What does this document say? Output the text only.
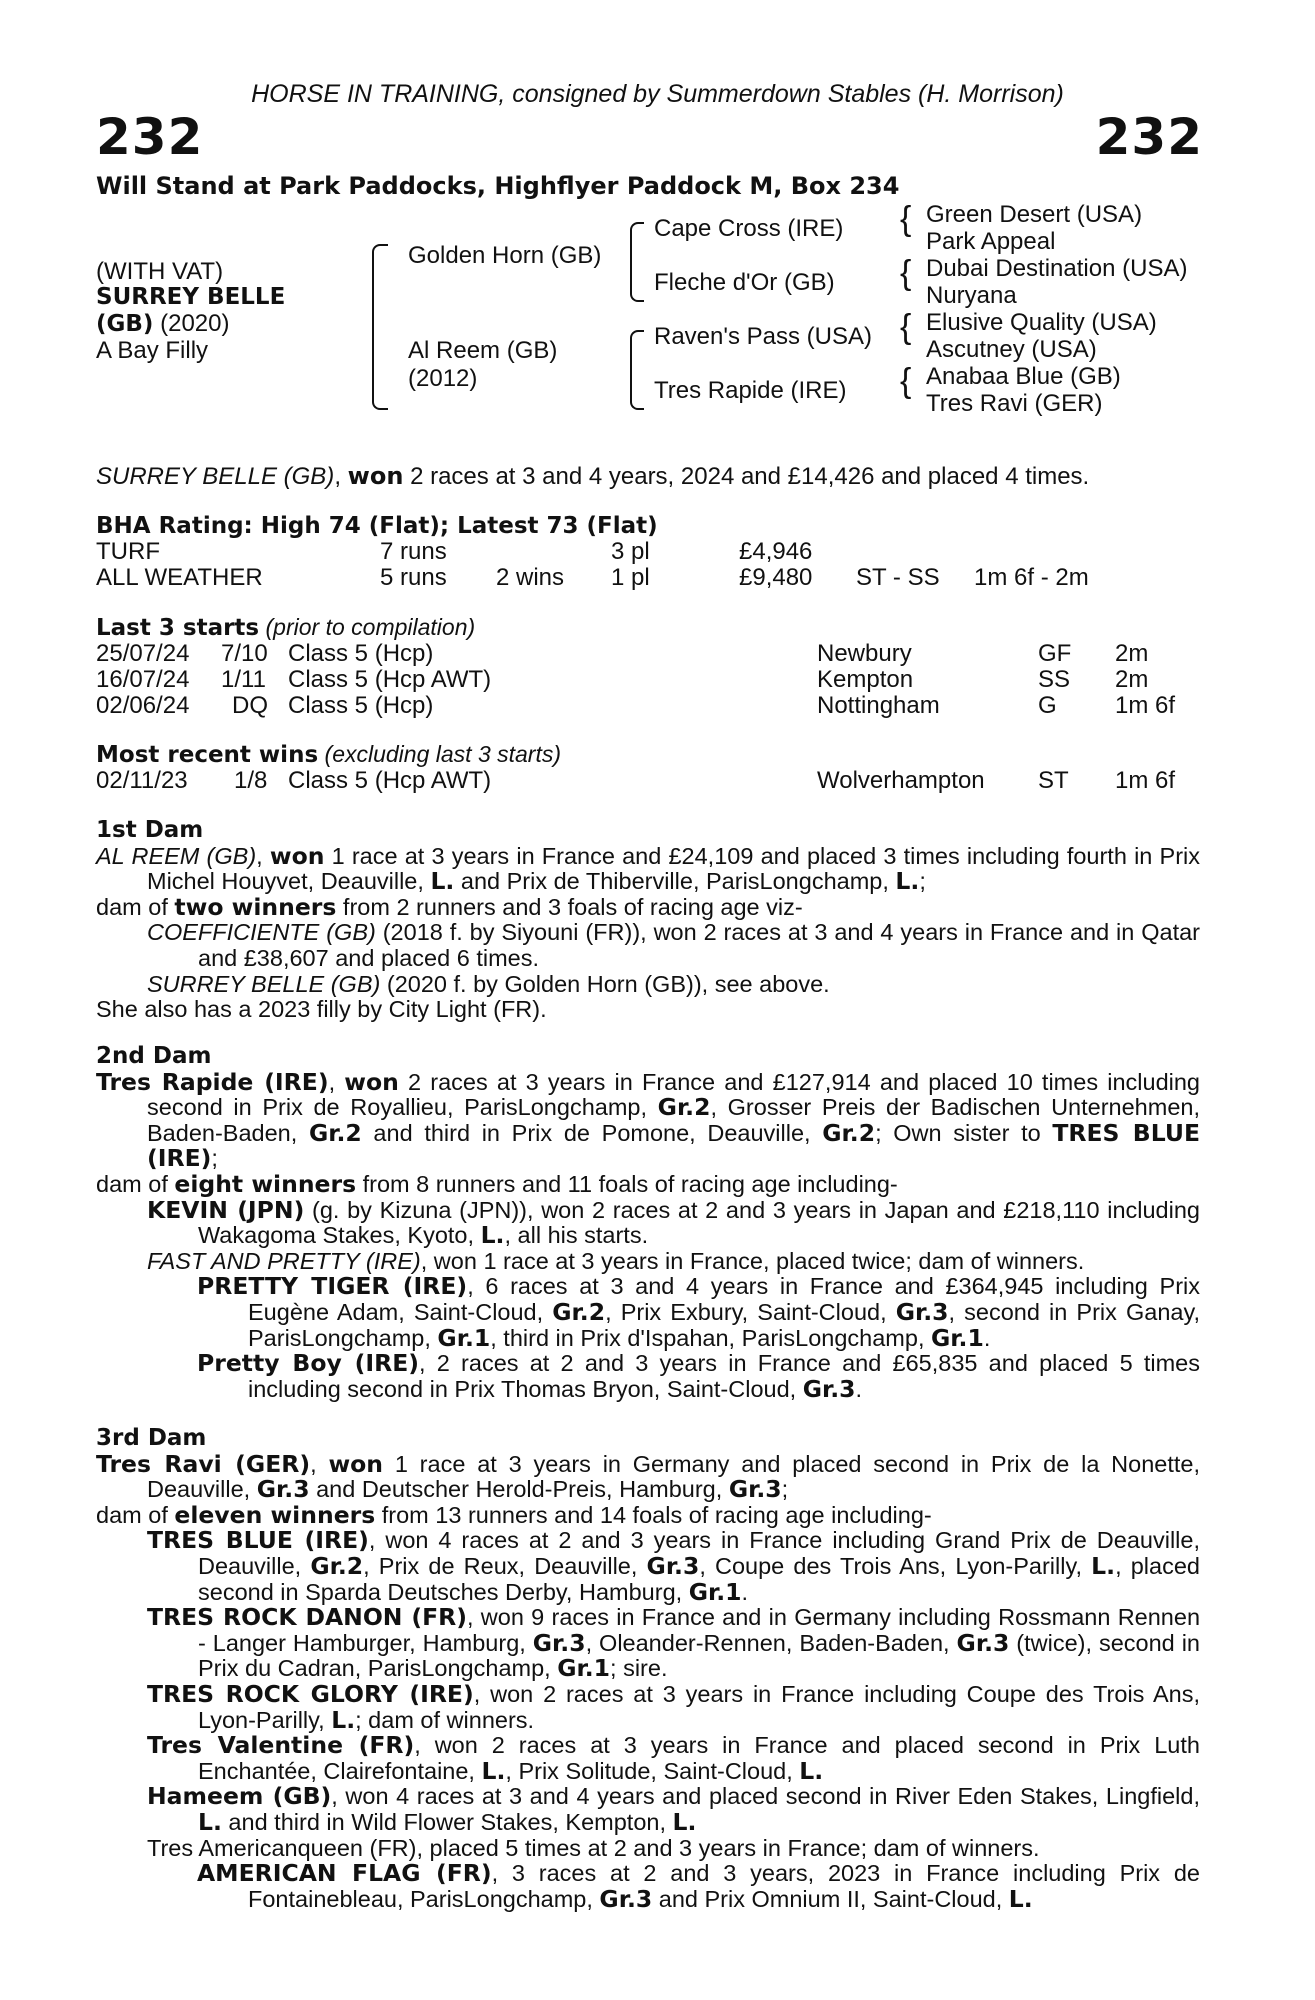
HORSE IN TRAINING, consigned by Summerdown Stables (H. Morrison)
232	232
Will Stand at Park Paddocks, Highflyer Paddock M, Box 234
(WITH VAT)
SURREY BELLE
(GB) (2020)
A Bay Filly
Golden Horn (GB)
Al Reem (GB)
(2012)
Cape Cross (IRE)
Fleche d'Or (GB)
Raven's Pass (USA)
Tres Rapide (IRE)
{
{
{
{
Green Desert (USA)
Park Appeal
Dubai Destination (USA)
Nuryana
Elusive Quality (USA)
Ascutney (USA)
Anabaa Blue (GB)
Tres Ravi (GER)
SURREY BELLE (GB), won 2 races at 3 and 4 years, 2024 and £14,426 and placed 4 times.
BHA Rating: High 74 (Flat); Latest 73 (Flat)
TURF	7 runs	3 pl	£4,946
ALL WEATHER	5 runs 2 wins 1 pl	£9,480 ST - SS 1m 6f - 2m
Last 3 starts (prior to compilation)
25/07/24 7/10 Class 5 (Hcp)	Newbury	GF 2m
16/07/24 1/11 Class 5 (Hcp AWT)	Kempton	SS 2m
02/06/24 DQ Class 5 (Hcp)	Nottingham	G 1m 6f
Most recent wins (excluding last 3 starts)
02/11/23 1/8 Class 5 (Hcp AWT)	Wolverhampton ST 1m 6f

1st Dam

AL REEM (GB), won 1 race at 3 years in France and £24,109 and placed 3 times including fourth in Prix Michel Houyvet, Deauville, L. and Prix de Thiberville, ParisLongchamp, L.;

dam of two winners from 2 runners and 3 foals of racing age viz-

COEFFICIENTE (GB) (2018 f. by Siyouni (FR)), won 2 races at 3 and 4 years in France and in Qatar and £38,607 and placed 6 times.

SURREY BELLE (GB) (2020 f. by Golden Horn (GB)), see above.

She also has a 2023 filly by City Light (FR).

2nd Dam

Tres Rapide (IRE), won 2 races at 3 years in France and £127,914 and placed 10 times including second in Prix de Royallieu, ParisLongchamp, Gr.2, Grosser Preis der Badischen Unternehmen, Baden-Baden, Gr.2 and third in Prix de Pomone, Deauville, Gr.2; Own sister to TRES BLUE (IRE);

dam of eight winners from 8 runners and 11 foals of racing age including-

KEVIN (JPN) (g. by Kizuna (JPN)), won 2 races at 2 and 3 years in Japan and £218,110 including Wakagoma Stakes, Kyoto, L., all his starts.

FAST AND PRETTY (IRE), won 1 race at 3 years in France, placed twice; dam of winners.

PRETTY TIGER (IRE), 6 races at 3 and 4 years in France and £364,945 including Prix Eugène Adam, Saint-Cloud, Gr.2, Prix Exbury, Saint-Cloud, Gr.3, second in Prix Ganay, ParisLongchamp, Gr.1, third in Prix d'Ispahan, ParisLongchamp, Gr.1.

Pretty Boy (IRE), 2 races at 2 and 3 years in France and £65,835 and placed 5 times including second in Prix Thomas Bryon, Saint-Cloud, Gr.3.

3rd Dam

Tres Ravi (GER), won 1 race at 3 years in Germany and placed second in Prix de la Nonette, Deauville, Gr.3 and Deutscher Herold-Preis, Hamburg, Gr.3;

dam of eleven winners from 13 runners and 14 foals of racing age including-

TRES BLUE (IRE), won 4 races at 2 and 3 years in France including Grand Prix de Deauville, Deauville, Gr.2, Prix de Reux, Deauville, Gr.3, Coupe des Trois Ans, Lyon-Parilly, L., placed second in Sparda Deutsches Derby, Hamburg, Gr.1.

TRES ROCK DANON (FR), won 9 races in France and in Germany including Rossmann Rennen - Langer Hamburger, Hamburg, Gr.3, Oleander-Rennen, Baden-Baden, Gr.3 (twice), second in Prix du Cadran, ParisLongchamp, Gr.1; sire.

TRES ROCK GLORY (IRE), won 2 races at 3 years in France including Coupe des Trois Ans, Lyon-Parilly, L.; dam of winners.

Tres Valentine (FR), won 2 races at 3 years in France and placed second in Prix Luth Enchantée, Clairefontaine, L., Prix Solitude, Saint-Cloud, L.

Hameem (GB), won 4 races at 3 and 4 years and placed second in River Eden Stakes, Lingfield, L. and third in Wild Flower Stakes, Kempton, L.

Tres Americanqueen (FR), placed 5 times at 2 and 3 years in France; dam of winners.

AMERICAN FLAG (FR), 3 races at 2 and 3 years, 2023 in France including Prix de Fontainebleau, ParisLongchamp, Gr.3 and Prix Omnium II, Saint-Cloud, L.
